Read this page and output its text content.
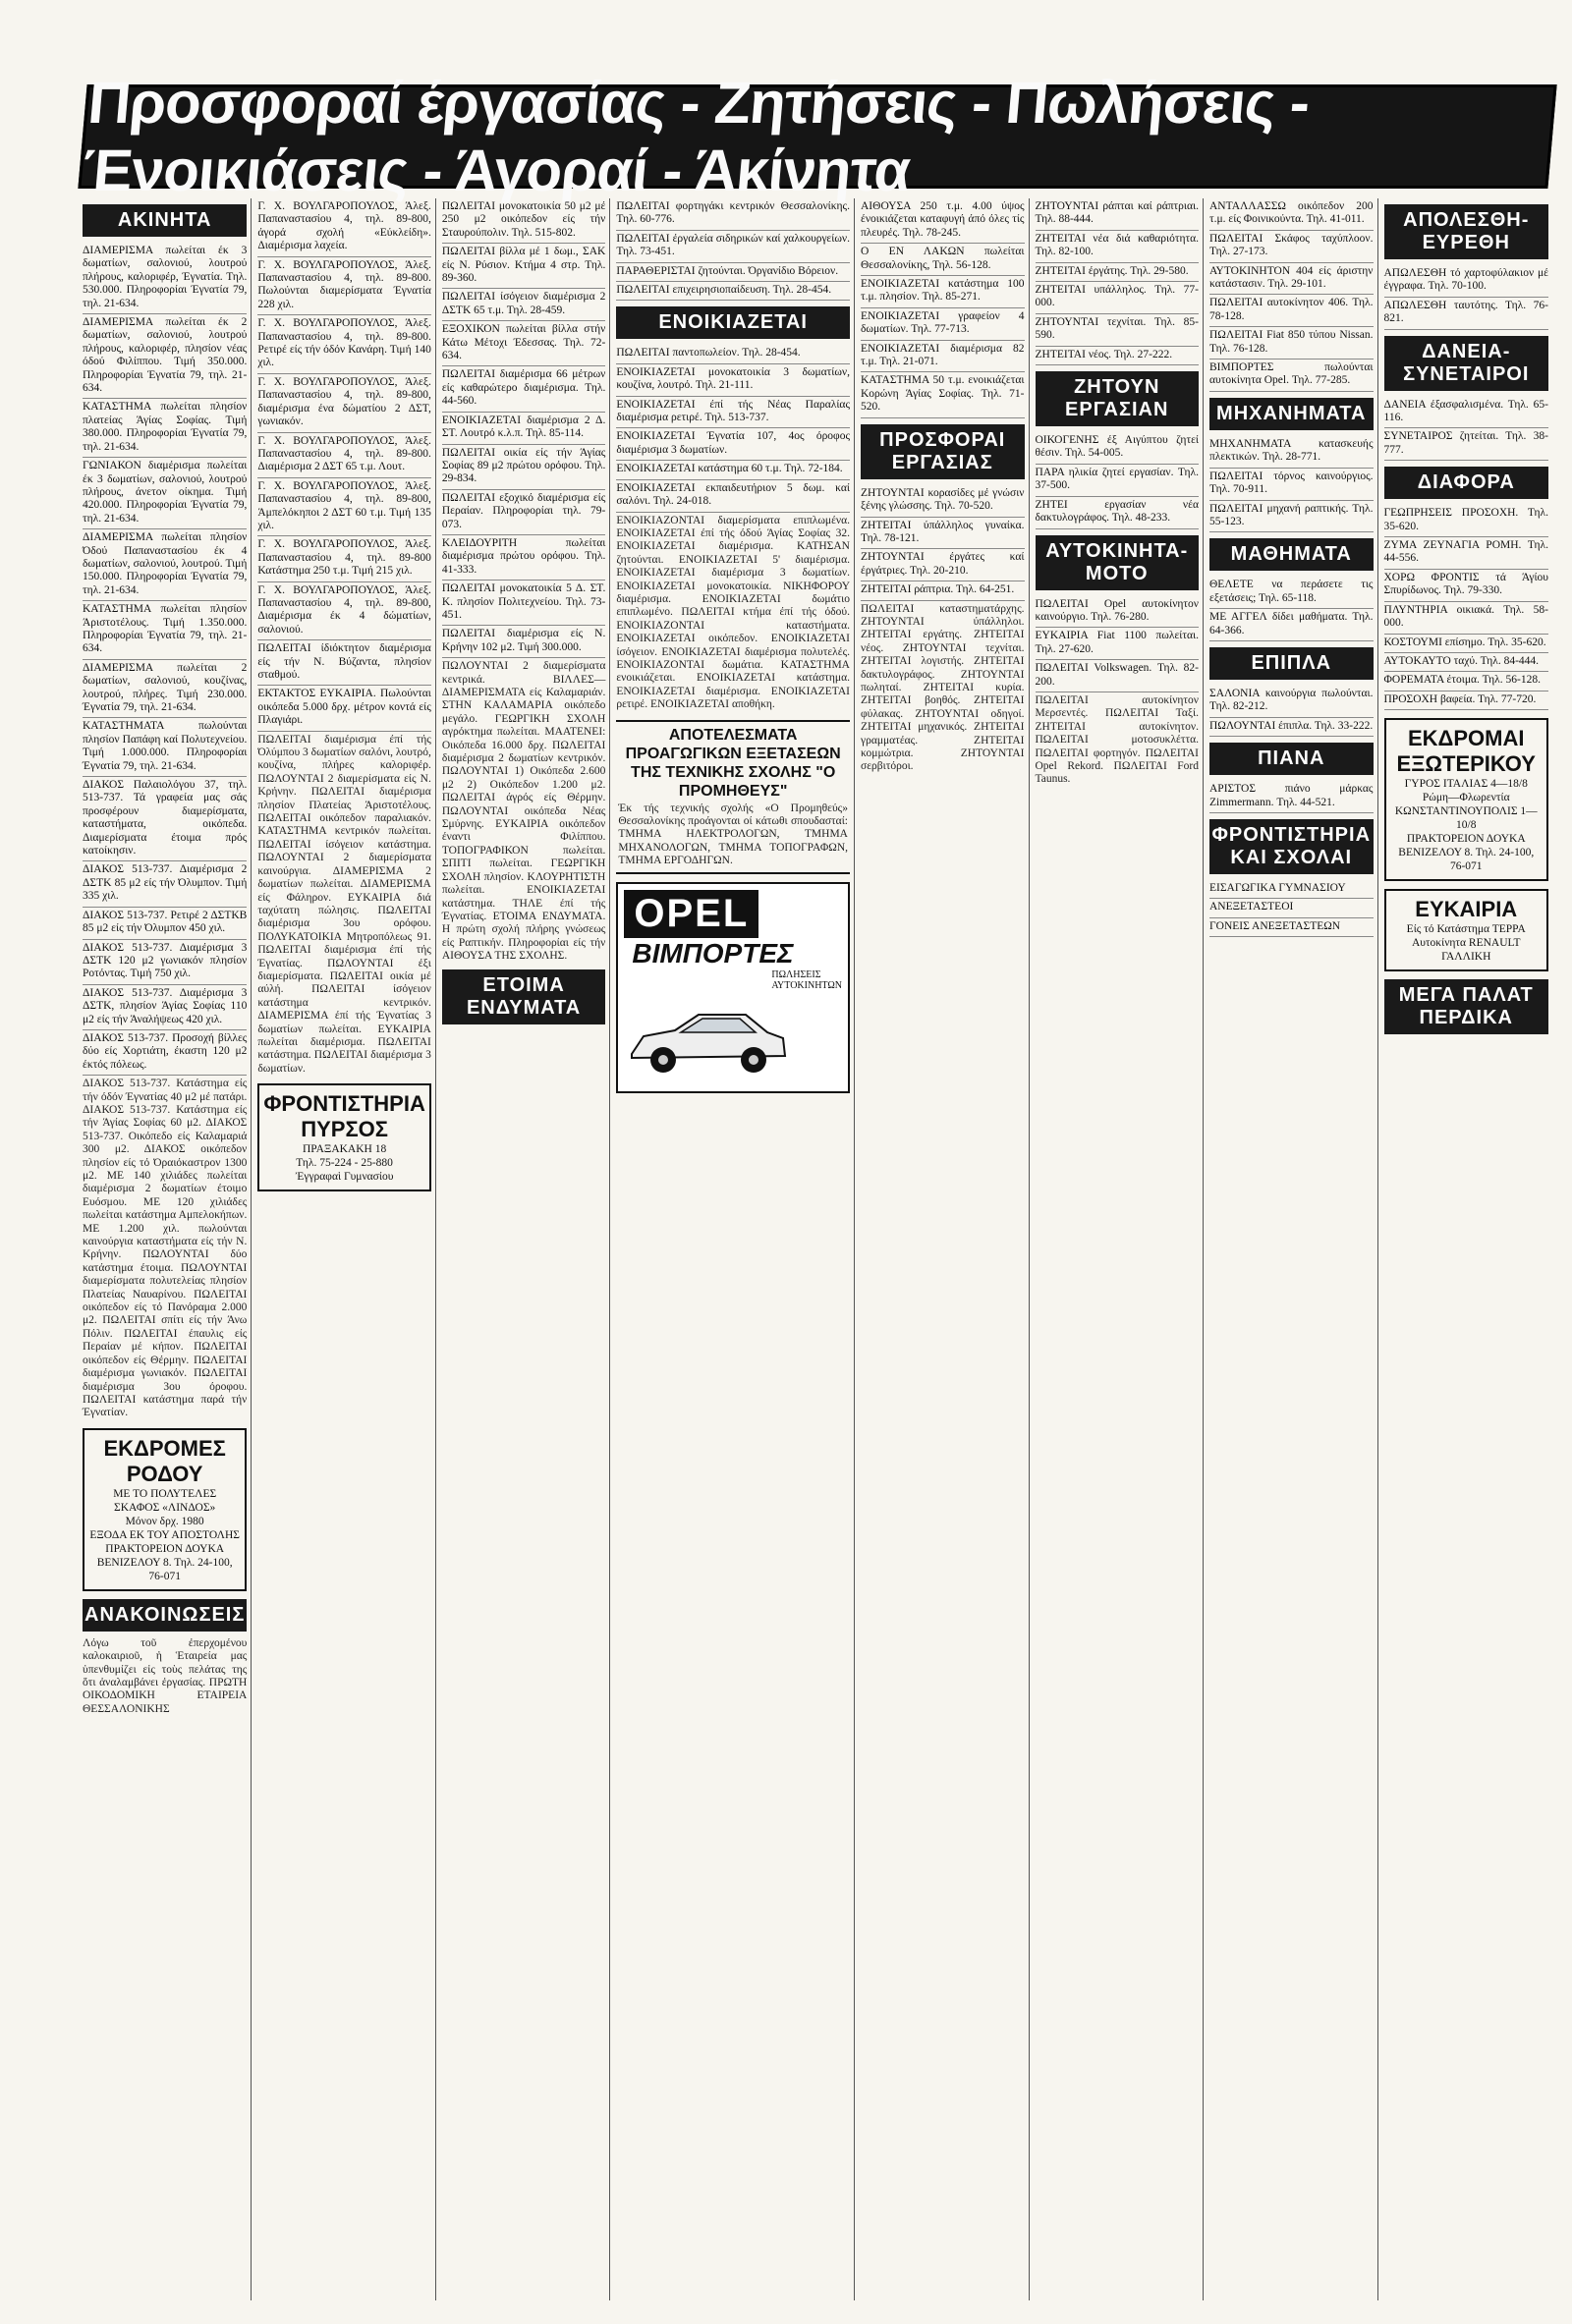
Προσφοραί έργασίας - Ζητήσεις - Πωλήσεις - Ένοικιάσεις - Άγοραί - Άκίνητα
ΑΚΙΝΗΤΑ
ΔΙΑΜΕΡΙΣΜΑ πωλείται έκ 3 δωματίων, σαλονιού, λουτρού πλήρους, καλοριφέρ, Έγνατία. Τηλ. 530.000. Πληροφορίαι Έγνατία 79, τηλ. 21-634.
ΔΙΑΜΕΡΙΣΜΑ πωλείται έκ 2 δωματίων, σαλονιού, λουτρού πλήρους, καλοριφέρ, πλησίον νέας όδού Φιλίππου. Τιμή 350.000. Πληροφορίαι Έγνατία 79, τηλ. 21-634.
ΚΑΤΑΣΤΗΜΑ πωλείται πλησίον πλατείας Άγίας Σοφίας. Τιμή 380.000. Πληροφορίαι Έγνατία 79, τηλ. 21-634.
ΓΩΝΙΑΚΟΝ διαμέρισμα πωλείται έκ 3 δωματίων, σαλονιού, λουτρού πλήρους, άνετον οίκημα. Τιμή 420.000. Πληροφορίαι Έγνατία 79, τηλ. 21-634.
ΔΙΑΜΕΡΙΣΜΑ πωλείται πλησίον Όδού Παπαναστασίου έκ 4 δωματίων, σαλονιού, λουτρού. Τιμή 150.000. Πληροφορίαι Έγνατία 79, τηλ. 21-634.
ΚΑΤΑΣΤΗΜΑ πωλείται πλησίον Άριστοτέλους. Τιμή 1.350.000. Πληροφορίαι Έγνατία 79, τηλ. 21-634.
ΔΙΑΜΕΡΙΣΜΑ πωλείται 2 δωματίων, σαλονιού, κουζίνας, λουτρού, πλήρες. Τιμή 230.000. Έγνατία 79, τηλ. 21-634.
ΚΑΤΑΣΤΗΜΑΤΑ πωλούνται πλησίον Παπάφη καί Πολυτεχνείου. Τιμή 1.000.000. Πληροφορίαι Έγνατία 79, τηλ. 21-634.
ΔΙΑΚΟΣ Παλαιολόγου 37, τηλ. 513-737. Τά γραφεία μας σάς προσφέρουν διαμερίσματα, καταστήματα, οικόπεδα. Διαμερίσματα έτοιμα πρός κατοίκησιν.
ΔΙΑΚΟΣ 513-737. Διαμέρισμα 2 ΔΣΤΚ 85 μ2 είς τήν Όλυμπον. Τιμή 335 χιλ.
ΔΙΑΚΟΣ 513-737. Ρετιρέ 2 ΔΣΤΚΒ 85 μ2 είς τήν Όλυμπον 450 χιλ.
ΔΙΑΚΟΣ 513-737. Διαμέρισμα 3 ΔΣΤΚ 120 μ2 γωνιακόν πλησίον Ροτόντας. Τιμή 750 χιλ.
ΔΙΑΚΟΣ 513-737. Διαμέρισμα 3 ΔΣΤΚ, πλησίον Άγίας Σοφίας 110 μ2 είς τήν Άναλήψεως 420 χιλ.
ΔΙΑΚΟΣ 513-737. Προσοχή βίλλες δύο είς Χορτιάτη, έκαστη 120 μ2 έκτός πόλεως.
ΔΙΑΚΟΣ 513-737. Κατάστημα είς τήν όδόν Έγνατίας 40 μ2 μέ πατάρι. ΔΙΑΚΟΣ 513-737. Κατάστημα είς τήν Άγίας Σοφίας 60 μ2. ΔΙΑΚΟΣ 513-737. Οικόπεδο είς Καλαμαριά 300 μ2. ΔΙΑΚΟΣ οικόπεδον πλησίον είς τό Όραιόκαστρον 1300 μ2. ΜΕ 140 χιλιάδες πωλείται διαμέρισμα 2 δωματίων έτοιμο Ευόσμου. ΜΕ 120 χιλιάδες πωλείται κατάστημα Αμπελοκήπων. ΜΕ 1.200 χιλ. πωλούνται καινούργια καταστήματα είς τήν Ν. Κρήνην. ΠΩΛΟΥΝΤΑΙ δύο κατάστημα έτοιμα. ΠΩΛΟΥΝΤΑΙ διαμερίσματα πολυτελείας πλησίον Πλατείας Ναυαρίνου. ΠΩΛΕΙΤΑΙ οικόπεδον είς τό Πανόραμα 2.000 μ2. ΠΩΛΕΙΤΑΙ σπίτι είς τήν Άνω Πόλιν. ΠΩΛΕΙΤΑΙ έπαυλις είς Περαίαν μέ κήπον. ΠΩΛΕΙΤΑΙ οικόπεδον είς Θέρμην. ΠΩΛΕΙΤΑΙ διαμέρισμα γωνιακόν. ΠΩΛΕΙΤΑΙ διαμέρισμα 3ου όροφου. ΠΩΛΕΙΤΑΙ κατάστημα παρά τήν Έγνατίαν.
ΕΚΔΡΟΜΕΣ ΡΟΔΟΥ
ΜΕ ΤΟ ΠΟΛΥΤΕΛΕΣ
ΣΚΑΦΟΣ «ΛΙΝΔΟΣ»
Μόνον δρχ. 1980
ΕΞΟΔΑ ΕΚ ΤΟΥ ΑΠΟΣΤΟΛΗΣ
ΠΡΑΚΤΟΡΕΙΟΝ ΔΟΥΚΑ
ΒΕΝΙΖΕΛΟΥ 8. Τηλ. 24-100, 76-071
ΑΝΑΚΟΙΝΩΣΕΙΣ
Λόγω τοῦ ἐπερχομένου καλοκαιριοῦ, ἡ Ἑταιρεία μας ὑπενθυμίζει εἰς τοὺς πελάτας της ὅτι ἀναλαμβάνει ἐργασίας. ΠΡΩΤΗ ΟΙΚΟΔΟΜΙΚΗ ΕΤΑΙΡΕΙΑ ΘΕΣΣΑΛΟΝΙΚΗΣ
Γ. Χ. ΒΟΥΛΓΑΡΟΠΟΥΛΟΣ, Άλεξ. Παπαναστασίου 4, τηλ. 89-800, άγορά σχολή «Εύκλείδη». Διαμέρισμα λαχεία.
Γ. Χ. ΒΟΥΛΓΑΡΟΠΟΥΛΟΣ, Άλεξ. Παπαναστασίου 4, τηλ. 89-800. Πωλούνται διαμερίσματα Έγνατία 228 χιλ.
Γ. Χ. ΒΟΥΛΓΑΡΟΠΟΥΛΟΣ, Άλεξ. Παπαναστασίου 4, τηλ. 89-800. Ρετιρέ είς τήν όδόν Κανάρη. Τιμή 140 χιλ.
Γ. Χ. ΒΟΥΛΓΑΡΟΠΟΥΛΟΣ, Άλεξ. Παπαναστασίου 4, τηλ. 89-800, διαμέρισμα ένα δώματίου 2 ΔΣΤ, γωνιακόν.
Γ. Χ. ΒΟΥΛΓΑΡΟΠΟΥΛΟΣ, Άλεξ. Παπαναστασίου 4, τηλ. 89-800. Διαμέρισμα 2 ΔΣΤ 65 τ.μ. Λουτ.
Γ. Χ. ΒΟΥΛΓΑΡΟΠΟΥΛΟΣ, Άλεξ. Παπαναστασίου 4, τηλ. 89-800, Άμπελόκηποι 2 ΔΣΤ 60 τ.μ. Τιμή 135 χιλ.
Γ. Χ. ΒΟΥΛΓΑΡΟΠΟΥΛΟΣ, Άλεξ. Παπαναστασίου 4, τηλ. 89-800 Κατάστημα 250 τ.μ. Τιμή 215 χιλ.
Γ. Χ. ΒΟΥΛΓΑΡΟΠΟΥΛΟΣ, Άλεξ. Παπαναστασίου 4, τηλ. 89-800, Διαμέρισμα έκ 4 δώματίων, σαλονιού.
ΠΩΛΕΙΤΑΙ ίδιόκτητον διαμέρισμα είς τήν Ν. Βύζαντα, πλησίον σταθμού.
ΕΚΤΑΚΤΟΣ ΕΥΚΑΙΡΙΑ. Πωλούνται οικόπεδα 5.000 δρχ. μέτρον κοντά είς Πλαγιάρι.
ΠΩΛΕΙΤΑΙ διαμέρισμα έπί τής Όλύμπου 3 δωματίων σαλόνι, λουτρό, κουζίνα, πλήρες καλοριφέρ. ΠΩΛΟΥΝΤΑΙ 2 διαμερίσματα είς Ν. Κρήνην. ΠΩΛΕΙΤΑΙ διαμέρισμα πλησίον Πλατείας Άριστοτέλους. ΠΩΛΕΙΤΑΙ οικόπεδον παραλιακόν. ΚΑΤΑΣΤΗΜΑ κεντρικόν πωλείται. ΠΩΛΕΙΤΑΙ ίσόγειον κατάστημα. ΠΩΛΟΥΝΤΑΙ 2 διαμερίσματα καινούργια. ΔΙΑΜΕΡΙΣΜΑ 2 δωματίων πωλείται. ΔΙΑΜΕΡΙΣΜΑ είς Φάληρον. ΕΥΚΑΙΡΙΑ διά ταχύτατη πώλησις. ΠΩΛΕΙΤΑΙ διαμέρισμα 3ου ορόφου. ΠΟΛΥΚΑΤΟΙΚΙΑ Μητροπόλεως 91. ΠΩΛΕΙΤΑΙ διαμέρισμα έπί τής Έγνατίας. ΠΩΛΟΥΝΤΑΙ έξι διαμερίσματα. ΠΩΛΕΙΤΑΙ οικία μέ αύλή. ΠΩΛΕΙΤΑΙ ίσόγειον κατάστημα κεντρικόν. ΔΙΑΜΕΡΙΣΜΑ έπί τής Έγνατίας 3 δωματίων πωλείται. ΕΥΚΑΙΡΙΑ πωλείται διαμέρισμα. ΠΩΛΕΙΤΑΙ κατάστημα. ΠΩΛΕΙΤΑΙ διαμέρισμα 3 δωματίων.
ΦΡΟΝΤΙΣΤΗΡΙΑ ΠΥΡΣΟΣ
ΠΡΑΞΑΚΑΚΗ 18
Τηλ. 75-224 - 25-880
Ἐγγραφαὶ Γυμνασίου
ΠΩΛΕΙΤΑΙ μονοκατοικία 50 μ2 μέ 250 μ2 οικόπεδον είς τήν Σταυρούπολιν. Τηλ. 515-802.
ΠΩΛΕΙΤΑΙ βίλλα μέ 1 δωμ., ΣΑΚ είς Ν. Ρύσιον. Κτήμα 4 στρ. Τηλ. 89-360.
ΠΩΛΕΙΤΑΙ ίσόγειον διαμέρισμα 2 ΔΣΤΚ 65 τ.μ. Τηλ. 28-459.
ΕΞΟΧΙΚΟΝ πωλείται βίλλα στήν Κάτω Μέτοχι Έδεσσας. Τηλ. 72-634.
ΠΩΛΕΙΤΑΙ διαμέρισμα 66 μέτρων είς καθαρώτερο διαμέρισμα. Τηλ. 44-560.
ΕΝΟΙΚΙΑΖΕΤΑΙ διαμέρισμα 2 Δ. ΣΤ. Λουτρό κ.λ.π. Τηλ. 85-114.
ΠΩΛΕΙΤΑΙ οικία είς τήν Άγίας Σοφίας 89 μ2 πρώτου ορόφου. Τηλ. 29-834.
ΠΩΛΕΙΤΑΙ εξοχικό διαμέρισμα είς Περαίαν. Πληροφορίαι τηλ. 79-073.
ΚΛΕΙΔΟΥΡΙΤΗ πωλείται διαμέρισμα πρώτου ορόφου. Τηλ. 41-333.
ΠΩΛΕΙΤΑΙ μονοκατοικία 5 Δ. ΣΤ. Κ. πλησίον Πολιτεχνείου. Τηλ. 73-451.
ΠΩΛΕΙΤΑΙ διαμέρισμα είς Ν. Κρήνην 102 μ2. Τιμή 300.000.
ΠΩΛΟΥΝΤΑΙ 2 διαμερίσματα κεντρικά. ΒΙΛΛΕΣ—ΔΙΑΜΕΡΙΣΜΑΤΑ είς Καλαμαριάν. ΣΤΗΝ ΚΑΛΑΜΑΡΙΑ οικόπεδο μεγάλο. ΓΕΩΡΓΙΚΗ ΣΧΟΛΗ αγρόκτημα πωλείται. ΜΑΑΤΕΝΕΙ: Οικόπεδα 16.000 δρχ. ΠΩΛΕΙΤΑΙ διαμέρισμα 2 δωματίων κεντρικόν. ΠΩΛΟΥΝΤΑΙ 1) Οικόπεδα 2.600 μ2 2) Οικόπεδον 1.200 μ2. ΠΩΛΕΙΤΑΙ άγρός είς Θέρμην. ΠΩΛΟΥΝΤΑΙ οικόπεδα Νέας Σμύρνης. ΕΥΚΑΙΡΙΑ οικόπεδον έναντι Φιλίππου. ΤΟΠΟΓΡΑΦΙΚΟΝ πωλείται. ΣΠΙΤΙ πωλείται. ΓΕΩΡΓΙΚΗ ΣΧΟΛΗ πλησίον. ΚΛΟΥΡΗΤΙΣΤΗ πωλείται. ΕΝΟΙΚΙΑΖΕΤΑΙ κατάστημα. ΤΗΛΕ έπί τής Έγνατίας. ΕΤΟΙΜΑ ΕΝΔΥΜΑΤΑ. Η πρώτη σχολή πλήρης γνώσεως είς Ραπτικήν. Πληροφορίαι είς τήν ΑΙΘΟΥΣΑ ΤΗΣ ΣΧΟΛΗΣ.
ΕΤΟΙΜΑ ΕΝΔΥΜΑΤΑ
ΠΩΛΕΙΤΑΙ φορτηγάκι κεντρικόν Θεσσαλονίκης. Τηλ. 60-776.
ΠΩΛΕΙΤΑΙ έργαλεία σιδηρικών καί χαλκουργείων. Τηλ. 73-451.
ΠΑΡΑΘΕΡΙΣΤΑΙ ζητούνται. Όργανίδιο Βόρειον.
ΠΩΛΕΙΤΑΙ επιχειρησιοπαίδευση. Τηλ. 28-454.
ΕΝΟΙΚΙΑΖΕΤΑΙ
ΠΩΛΕΙΤΑΙ παντοπωλείον. Τηλ. 28-454.
ΕΝΟΙΚΙΑΖΕΤΑΙ μονοκατοικία 3 δωματίων, κουζίνα, λουτρό. Τηλ. 21-111.
ΕΝΟΙΚΙΑΖΕΤΑΙ έπί τής Νέας Παραλίας διαμέρισμα ρετιρέ. Τηλ. 513-737.
ΕΝΟΙΚΙΑΖΕΤΑΙ Έγνατία 107, 4ος όροφος διαμέρισμα 3 δωματίων.
ΕΝΟΙΚΙΑΖΕΤΑΙ κατάστημα 60 τ.μ. Τηλ. 72-184.
ΕΝΟΙΚΙΑΖΕΤΑΙ εκπαιδευτήριον 5 δωμ. καί σαλόνι. Τηλ. 24-018.
ΕΝΟΙΚΙΑΖΟΝΤΑΙ διαμερίσματα επιπλωμένα. ΕΝΟΙΚΙΑΖΕΤΑΙ έπί τής όδού Άγίας Σοφίας 32. ΕΝΟΙΚΙΑΖΕΤΑΙ διαμέρισμα. ΚΑΤΗΣΑΝ ζητούνται. ΕΝΟΙΚΙΑΖΕΤΑΙ 5' διαμέρισμα. ΕΝΟΙΚΙΑΖΕΤΑΙ διαμέρισμα 3 δωματίων. ΕΝΟΙΚΙΑΖΕΤΑΙ μονοκατοικία. ΝΙΚΗΦΟΡΟΥ διαμέρισμα. ΕΝΟΙΚΙΑΖΕΤΑΙ δωμάτιο επιπλωμένο. ΠΩΛΕΙΤΑΙ κτήμα έπί τής όδού. ΕΝΟΙΚΙΑΖΟΝΤΑΙ καταστήματα. ΕΝΟΙΚΙΑΖΕΤΑΙ οικόπεδον. ΕΝΟΙΚΙΑΖΕΤΑΙ ίσόγειον. ΕΝΟΙΚΙΑΖΕΤΑΙ διαμέρισμα πολυτελές. ΕΝΟΙΚΙΑΖΟΝΤΑΙ δωμάτια. ΚΑΤΑΣΤΗΜΑ ενοικιάζεται. ΕΝΟΙΚΙΑΖΕΤΑΙ κατάστημα. ΕΝΟΙΚΙΑΖΕΤΑΙ διαμέρισμα. ΕΝΟΙΚΙΑΖΕΤΑΙ ρετιρέ. ΕΝΟΙΚΙΑΖΕΤΑΙ αποθήκη.
ΑΠΟΤΕΛΕΣΜΑΤΑ ΠΡΟΑΓΩΓΙΚΩΝ ΕΞΕΤΑΣΕΩΝ ΤΗΣ ΤΕΧΝΙΚΗΣ ΣΧΟΛΗΣ "Ο ΠΡΟΜΗΘΕΥΣ"
Έκ τής τεχνικής σχολής «Ο Προμηθεύς» Θεσσαλονίκης προάγονται οί κάτωθι σπουδασταί: ΤΜΗΜΑ ΗΛΕΚΤΡΟΛΟΓΩΝ, ΤΜΗΜΑ ΜΗΧΑΝΟΛΟΓΩΝ, ΤΜΗΜΑ ΤΟΠΟΓΡΑΦΩΝ, ΤΜΗΜΑ ΕΡΓΟΔΗΓΩΝ.
OPELΒΙΜΠΟΡΤΕΣ
ΠΩΛΗΣΕΙΣ ΑΥΤΟΚΙΝΗΤΩΝ
ΑΙΘΟΥΣΑ 250 τ.μ. 4.00 ύψος ένοικιάζεται καταφυγή άπό όλες τίς πλευρές. Τηλ. 78-245.
Ο ΕΝ ΛΑΚΩΝ πωλείται Θεσσαλονίκης, Τηλ. 56-128.
ΕΝΟΙΚΙΑΖΕΤΑΙ κατάστημα 100 τ.μ. πλησίον. Τηλ. 85-271.
ΕΝΟΙΚΙΑΖΕΤΑΙ γραφείον 4 δωματίων. Τηλ. 77-713.
ΕΝΟΙΚΙΑΖΕΤΑΙ διαμέρισμα 82 τ.μ. Τηλ. 21-071.
ΚΑΤΑΣΤΗΜΑ 50 τ.μ. ενοικιάζεται Κορώνη Άγίας Σοφίας. Τηλ. 71-520.
ΠΡΟΣΦΟΡΑΙ ΕΡΓΑΣΙΑΣ
ΖΗΤΟΥΝΤΑΙ κορασίδες μέ γνώσιν ξένης γλώσσης. Τηλ. 70-520.
ΖΗΤΕΙΤΑΙ ύπάλληλος γυναίκα. Τηλ. 78-121.
ΖΗΤΟΥΝΤΑΙ έργάτες καί έργάτριες. Τηλ. 20-210.
ΖΗΤΕΙΤΑΙ ράπτρια. Τηλ. 64-251.
ΠΩΛΕΙΤΑΙ καταστηματάρχης. ΖΗΤΟΥΝΤΑΙ ύπάλληλοι. ΖΗΤΕΙΤΑΙ εργάτης. ΖΗΤΕΙΤΑΙ νέος. ΖΗΤΟΥΝΤΑΙ τεχνίται. ΖΗΤΕΙΤΑΙ λογιστής. ΖΗΤΕΙΤΑΙ δακτυλογράφος. ΖΗΤΟΥΝΤΑΙ πωληταί. ΖΗΤΕΙΤΑΙ κυρία. ΖΗΤΕΙΤΑΙ βοηθός. ΖΗΤΕΙΤΑΙ φύλακας. ΖΗΤΟΥΝΤΑΙ οδηγοί. ΖΗΤΕΙΤΑΙ μηχανικός. ΖΗΤΕΙΤΑΙ γραμματέας. ΖΗΤΕΙΤΑΙ κομμώτρια. ΖΗΤΟΥΝΤΑΙ σερβιτόροι.
ΖΗΤΟΥΝΤΑΙ ράπται καί ράπτριαι. Τηλ. 88-444.
ΖΗΤΕΙΤΑΙ νέα διά καθαριότητα. Τηλ. 82-100.
ΖΗΤΕΙΤΑΙ έργάτης. Τηλ. 29-580.
ΖΗΤΕΙΤΑΙ υπάλληλος. Τηλ. 77-000.
ΖΗΤΟΥΝΤΑΙ τεχνίται. Τηλ. 85-590.
ΖΗΤΕΙΤΑΙ νέος. Τηλ. 27-222.
ΖΗΤΟΥΝ ΕΡΓΑΣΙΑΝ
ΟΙΚΟΓΕΝΗΣ έξ Αιγύπτου ζητεί θέσιν. Τηλ. 54-005.
ΠΑΡΑ ηλικία ζητεί εργασίαν. Τηλ. 37-500.
ΖΗΤΕΙ εργασίαν νέα δακτυλογράφος. Τηλ. 48-233.
ΑΥΤΟΚΙΝΗΤΑ-ΜΟΤΟ
ΠΩΛΕΙΤΑΙ Opel αυτοκίνητον καινούργιο. Τηλ. 76-280.
ΕΥΚΑΙΡΙΑ Fiat 1100 πωλείται. Τηλ. 27-620.
ΠΩΛΕΙΤΑΙ Volkswagen. Τηλ. 82-200.
ΠΩΛΕΙΤΑΙ αυτοκίνητον Μερσεντές. ΠΩΛΕΙΤΑΙ Ταξί. ΖΗΤΕΙΤΑΙ αυτοκίνητον. ΠΩΛΕΙΤΑΙ μοτοσυκλέττα. ΠΩΛΕΙΤΑΙ φορτηγόν. ΠΩΛΕΙΤΑΙ Opel Rekord. ΠΩΛΕΙΤΑΙ Ford Taunus.
ΑΝΤΑΛΛΑΣΣΩ οικόπεδον 200 τ.μ. είς Φοινικούντα. Τηλ. 41-011.
ΠΩΛΕΙΤΑΙ Σκάφος ταχύπλοον. Τηλ. 27-173.
ΑΥΤΟΚΙΝΗΤΟΝ 404 είς άριστην κατάστασιν. Τηλ. 29-101.
ΠΩΛΕΙΤΑΙ αυτοκίνητον 406. Τηλ. 78-128.
ΠΩΛΕΙΤΑΙ Fiat 850 τύπου Nissan. Τηλ. 76-128.
ΒΙΜΠΟΡΤΕΣ πωλούνται αυτοκίνητα Opel. Τηλ. 77-285.
ΜΗΧΑΝΗΜΑΤΑ
ΜΗΧΑΝΗΜΑΤΑ κατασκευής πλεκτικών. Τηλ. 28-771.
ΠΩΛΕΙΤΑΙ τόρνος καινούργιος. Τηλ. 70-911.
ΠΩΛΕΙΤΑΙ μηχανή ραπτικής. Τηλ. 55-123.
ΜΑΘΗΜΑΤΑ
ΘΕΛΕΤΕ να περάσετε τις εξετάσεις; Τηλ. 65-118.
ΜΕ ΑΓΓΕΛ δίδει μαθήματα. Τηλ. 64-366.
ΕΠΙΠΛΑ
ΣΑΛΟΝΙΑ καινούργια πωλούνται. Τηλ. 82-212.
ΠΩΛΟΥΝΤΑΙ έπιπλα. Τηλ. 33-222.
ΠΙΑΝΑ
ΑΡΙΣΤΟΣ πιάνο μάρκας Zimmermann. Τηλ. 44-521.
ΦΡΟΝΤΙΣΤΗΡΙΑ ΚΑΙ ΣΧΟΛΑΙ
ΕΙΣΑΓΩΓΙΚΑ ΓΥΜΝΑΣΙΟΥ
ΑΝΕΞΕΤΑΣΤΕΟΙ
ΓΟΝΕΙΣ ΑΝΕΞΕΤΑΣΤΕΩΝ
ΑΠΟΛΕΣΘΗ-ΕΥΡΕΘΗ
ΑΠΩΛΕΣΘΗ τό χαρτοφύλακιον μέ έγγραφα. Τηλ. 70-100.
ΑΠΩΛΕΣΘΗ ταυτότης. Τηλ. 76-821.
ΔΑΝΕΙΑ-ΣΥΝΕΤΑΙΡΟΙ
ΔΑΝΕΙΑ έξασφαλισμένα. Τηλ. 65-116.
ΣΥΝΕΤΑΙΡΟΣ ζητείται. Τηλ. 38-777.
ΔΙΑΦΟΡΑ
ΓΕΩΠΡΗΣΕΙΣ ΠΡΟΣΟΧΗ. Τηλ. 35-620.
ΖΥΜΑ ΖΕΥΝΑΓΙΑ ΡΟΜΗ. Τηλ. 44-556.
ΧΟΡΩ ΦΡΟΝΤΙΣ τά Άγίου Σπυρίδωνος. Τηλ. 79-330.
ΠΛΥΝΤΗΡΙΑ οικιακά. Τηλ. 58-000.
ΚΟΣΤΟΥΜΙ επίσημο. Τηλ. 35-620.
ΑΥΤΟΚΑΥΤΟ ταχύ. Τηλ. 84-444.
ΦΟΡΕΜΑΤΑ έτοιμα. Τηλ. 56-128.
ΠΡΟΣΟΧΗ βαφεία. Τηλ. 77-720.
ΕΚΔΡΟΜΑΙ ΕΞΩΤΕΡΙΚΟΥ
ΓΥΡΟΣ ΙΤΑΛΙΑΣ 4—18/8
Ρώμη—Φλωρεντία
ΚΩΝΣΤΑΝΤΙΝΟΥΠΟΛΙΣ 1—10/8
ΠΡΑΚΤΟΡΕΙΟΝ ΔΟΥΚΑ
ΒΕΝΙΖΕΛΟΥ 8. Τηλ. 24-100, 76-071
ΕΥΚΑΙΡΙΑ
Είς τό Κατάστημα ΤΕΡΡΑ
Αυτοκίνητα RENAULT ΓΑΛΛΙΚΗ
ΜΕΓΑ ΠΑΛΑΤ ΠΕΡΔΙΚΑ
